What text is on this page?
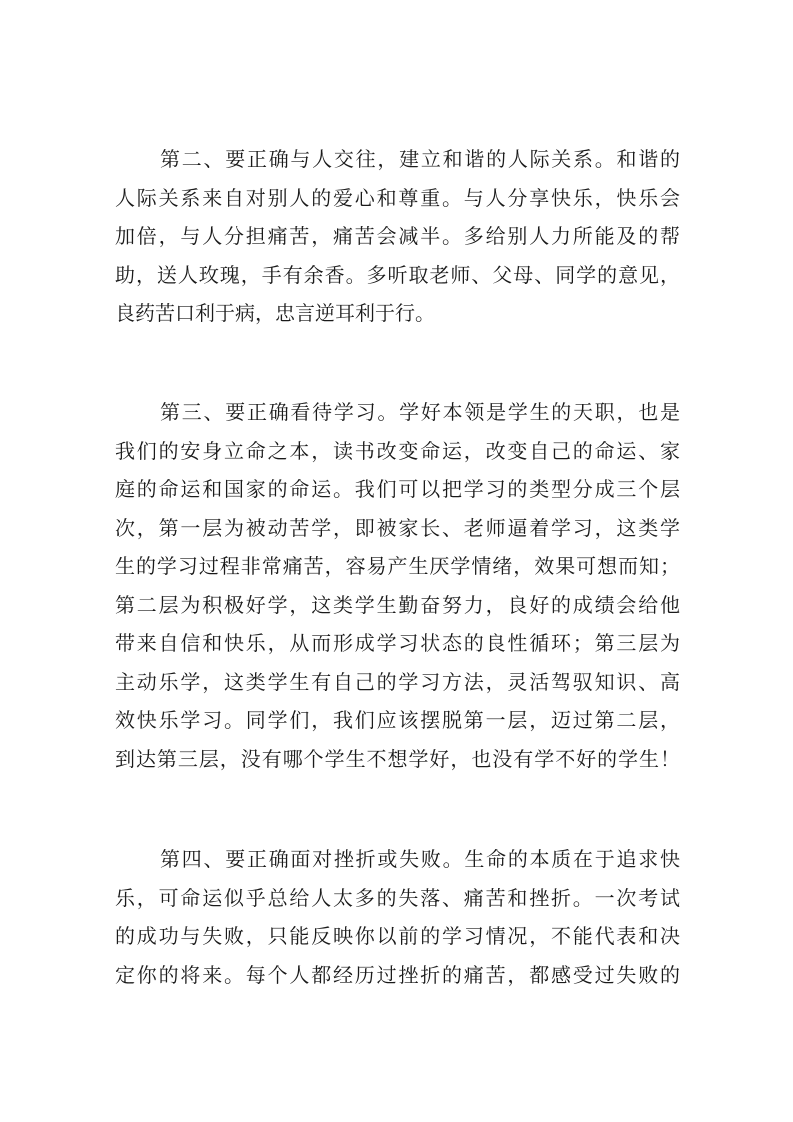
第二、要正确与人交往，建立和谐的人际关系。和谐的
人际关系来自对别人的爱心和尊重。与人分享快乐，快乐会
加倍，与人分担痛苦，痛苦会减半。多给别人力所能及的帮
助，送人玫瑰，手有余香。多听取老师、父母、同学的意见，
良药苦口利于病，忠言逆耳利于行。
第三、要正确看待学习。学好本领是学生的天职，也是
我们的安身立命之本，读书改变命运，改变自己的命运、家
庭的命运和国家的命运。我们可以把学习的类型分成三个层
次，第一层为被动苦学，即被家长、老师逼着学习，这类学
生的学习过程非常痛苦，容易产生厌学情绪，效果可想而知；
第二层为积极好学，这类学生勤奋努力，良好的成绩会给他
带来自信和快乐，从而形成学习状态的良性循环；第三层为
主动乐学，这类学生有自己的学习方法，灵活驾驭知识、高
效快乐学习。同学们，我们应该摆脱第一层，迈过第二层，
到达第三层，没有哪个学生不想学好，也没有学不好的学生！
第四、要正确面对挫折或失败。生命的本质在于追求快
乐，可命运似乎总给人太多的失落、痛苦和挫折。一次考试
的成功与失败，只能反映你以前的学习情况，不能代表和决
定你的将来。每个人都经历过挫折的痛苦，都感受过失败的
